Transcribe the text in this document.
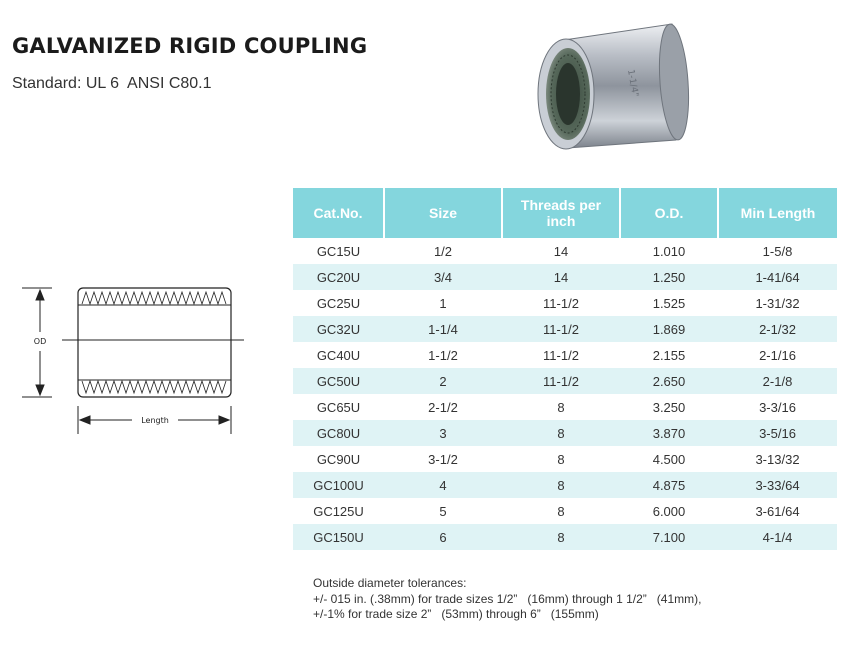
GALVANIZED RIGID COUPLING
Standard: UL 6  ANSI C80.1	1-1/4"
OD
Length
Cat.No.	Size	Threads per inch	O.D.	Min Length
GC15U	1/2	14	1.010	1-5/8
GC20U	3/4	14	1.250	1-41/64
GC25U	1	11-1/2	1.525	1-31/32
GC32U	1-1/4	11-1/2	1.869	2-1/32
GC40U	1-1/2	11-1/2	2.155	2-1/16
GC50U	2	11-1/2	2.650	2-1/8
GC65U	2-1/2	8	3.250	3-3/16
GC80U	3	8	3.870	3-5/16
GC90U	3-1/2	8	4.500	3-13/32
GC100U	4	8	4.875	3-33/64
GC125U	5	8	6.000	3-61/64
GC150U	6	8	7.100	4-1/4
Outside diameter tolerances:
+/- 015 in. (.38mm) for trade sizes 1/2”   (16mm) through 1 1/2”   (41mm),
+/-1% for trade size 2”   (53mm) through 6”   (155mm)
